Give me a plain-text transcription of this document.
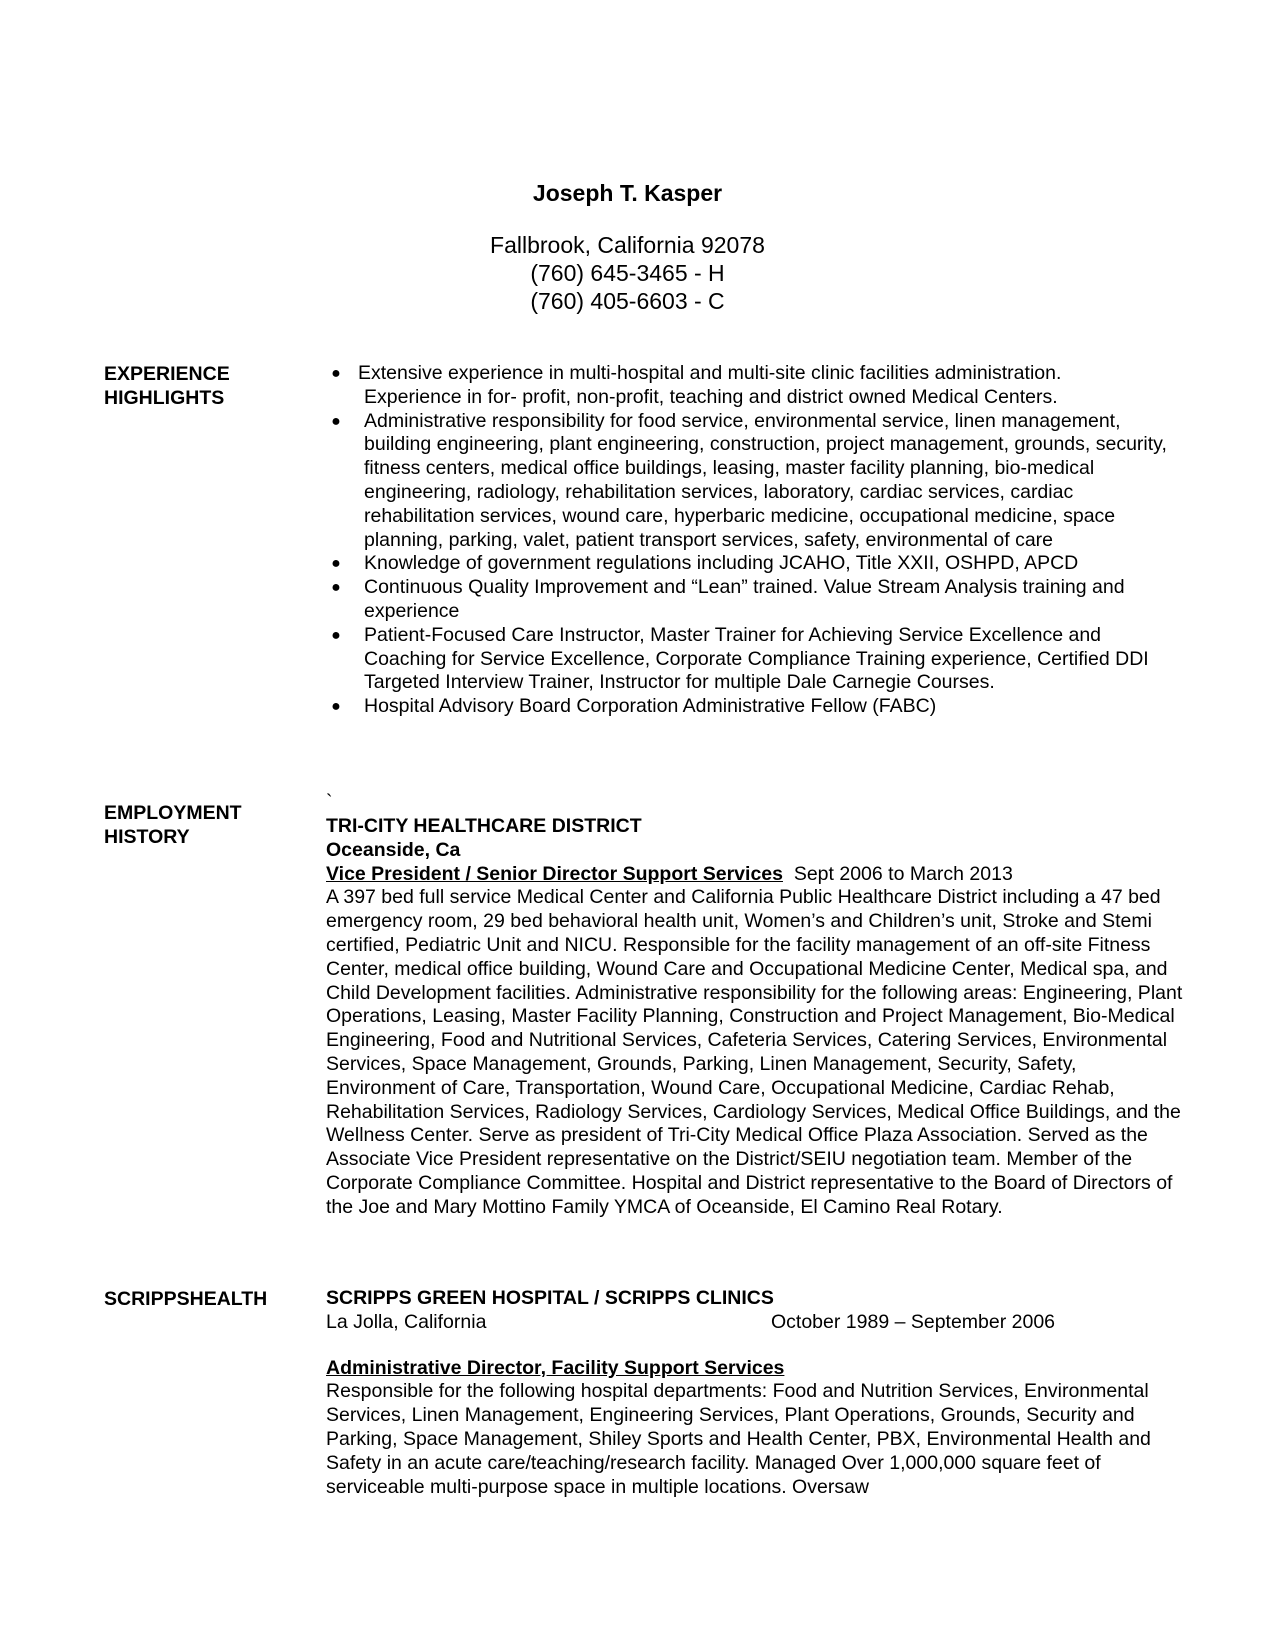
Joseph T. Kasper
Fallbrook, California 92078
(760) 645-3465 - H
(760) 405-6603 - C
EXPERIENCE
HIGHLIGHTS
● Extensive experience in multi-hospital and multi-site clinic facilities administration.
Experience in for- profit, non-profit, teaching and district owned Medical Centers.
● Administrative responsibility for food service, environmental service, linen management, building engineering, plant engineering, construction, project management, grounds, security, fitness centers, medical office buildings, leasing, master facility planning, bio-medical engineering, radiology, rehabilitation services, laboratory, cardiac services, cardiac rehabilitation services, wound care, hyperbaric medicine, occupational medicine, space planning, parking, valet, patient transport services, safety, environmental of care
● Knowledge of government regulations including JCAHO, Title XXII, OSHPD, APCD
● Continuous Quality Improvement and “Lean” trained. Value Stream Analysis training and experience
● Patient-Focused Care Instructor, Master Trainer for Achieving Service Excellence and Coaching for Service Excellence, Corporate Compliance Training experience, Certified DDI Targeted Interview Trainer, Instructor for multiple Dale Carnegie Courses.
● Hospital Advisory Board Corporation Administrative Fellow (FABC)
EMPLOYMENT
HISTORY
`
TRI-CITY HEALTHCARE DISTRICT
Oceanside, Ca
Vice President / Senior Director Support Services  Sept 2006 to March 2013
A 397 bed full service Medical Center and California Public Healthcare District including a 47 bed emergency room, 29 bed behavioral health unit, Women’s and Children’s unit, Stroke and Stemi certified, Pediatric Unit and NICU. Responsible for the facility management of an off-site Fitness Center, medical office building, Wound Care and Occupational Medicine Center, Medical spa, and Child Development facilities. Administrative responsibility for the following areas: Engineering, Plant Operations, Leasing, Master Facility Planning, Construction and Project Management, Bio-Medical Engineering, Food and Nutritional Services, Cafeteria Services, Catering Services, Environmental Services, Space Management, Grounds, Parking, Linen Management, Security, Safety, Environment of Care, Transportation, Wound Care, Occupational Medicine, Cardiac Rehab, Rehabilitation Services, Radiology Services, Cardiology Services, Medical Office Buildings, and the Wellness Center. Serve as president of Tri-City Medical Office Plaza Association. Served as the Associate Vice President representative on the District/SEIU negotiation team. Member of the Corporate Compliance Committee. Hospital and District representative to the Board of Directors of the Joe and Mary Mottino Family YMCA of Oceanside, El Camino Real Rotary.
SCRIPPSHEALTH	SCRIPPS GREEN HOSPITAL / SCRIPPS CLINICS
La Jolla, California	October 1989 – September 2006
Administrative Director, Facility Support Services
Responsible for the following hospital departments: Food and Nutrition Services, Environmental Services, Linen Management, Engineering Services, Plant Operations, Grounds, Security and Parking, Space Management, Shiley Sports and Health Center, PBX, Environmental Health and Safety in an acute care/teaching/research facility. Managed Over 1,000,000 square feet of serviceable multi-purpose space in multiple locations. Oversaw
